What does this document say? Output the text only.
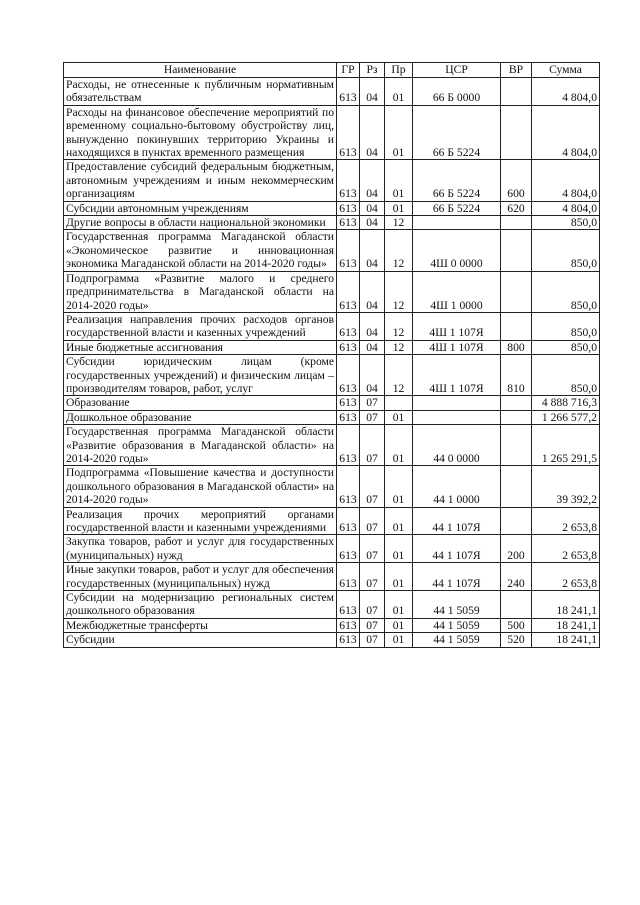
Наименование	ГР	Рз	Пр	ЦСР	ВР	Сумма
Расходы, не отнесенные к публичным нормативным обязательствам	613	04	01	66 Б 0000		4 804,0
Расходы на финансовое обеспечение мероприятий по временному социально-бытовому обустройству лиц, вынужденно покинувших территорию Украины и находящихся в пунктах временного размещения	613	04	01	66 Б 5224		4 804,0
Предоставление субсидий федеральным бюджетным, автономным учреждениям и иным некоммерческим организациям	613	04	01	66 Б 5224	600	4 804,0
Субсидии автономным учреждениям	613	04	01	66 Б 5224	620	4 804,0
Другие вопросы в области национальной экономики	613	04	12			850,0
Государственная программа Магаданской области «Экономическое развитие и инновационная экономика Магаданской области на 2014-2020 годы»	613	04	12	4Ш 0 0000		850,0
Подпрограмма «Развитие малого и среднего предпринимательства в Магаданской области на 2014-2020 годы»	613	04	12	4Ш 1 0000		850,0
Реализация направления прочих расходов органов государственной власти и казенных учреждений	613	04	12	4Ш 1 107Я		850,0
Иные бюджетные ассигнования	613	04	12	4Ш 1 107Я	800	850,0
Субсидии юридическим лицам (кроме государственных учреждений) и физическим лицам – производителям товаров, работ, услуг	613	04	12	4Ш 1 107Я	810	850,0
Образование	613	07				4 888 716,3
Дошкольное образование	613	07	01			1 266 577,2
Государственная программа Магаданской области «Развитие образования в Магаданской области» на 2014-2020 годы»	613	07	01	44 0 0000		1 265 291,5
Подпрограмма «Повышение качества и доступности дошкольного образования в Магаданской области» на 2014-2020 годы»	613	07	01	44 1 0000		39 392,2
Реализация прочих мероприятий органами государственной власти и казенными учреждениями	613	07	01	44 1 107Я		2 653,8
Закупка товаров, работ и услуг для государственных (муниципальных) нужд	613	07	01	44 1 107Я	200	2 653,8
Иные закупки товаров, работ и услуг для обеспечения государственных (муниципальных) нужд	613	07	01	44 1 107Я	240	2 653,8
Субсидии на модернизацию региональных систем дошкольного образования	613	07	01	44 1 5059		18 241,1
Межбюджетные трансферты	613	07	01	44 1 5059	500	18 241,1
Субсидии	613	07	01	44 1 5059	520	18 241,1
